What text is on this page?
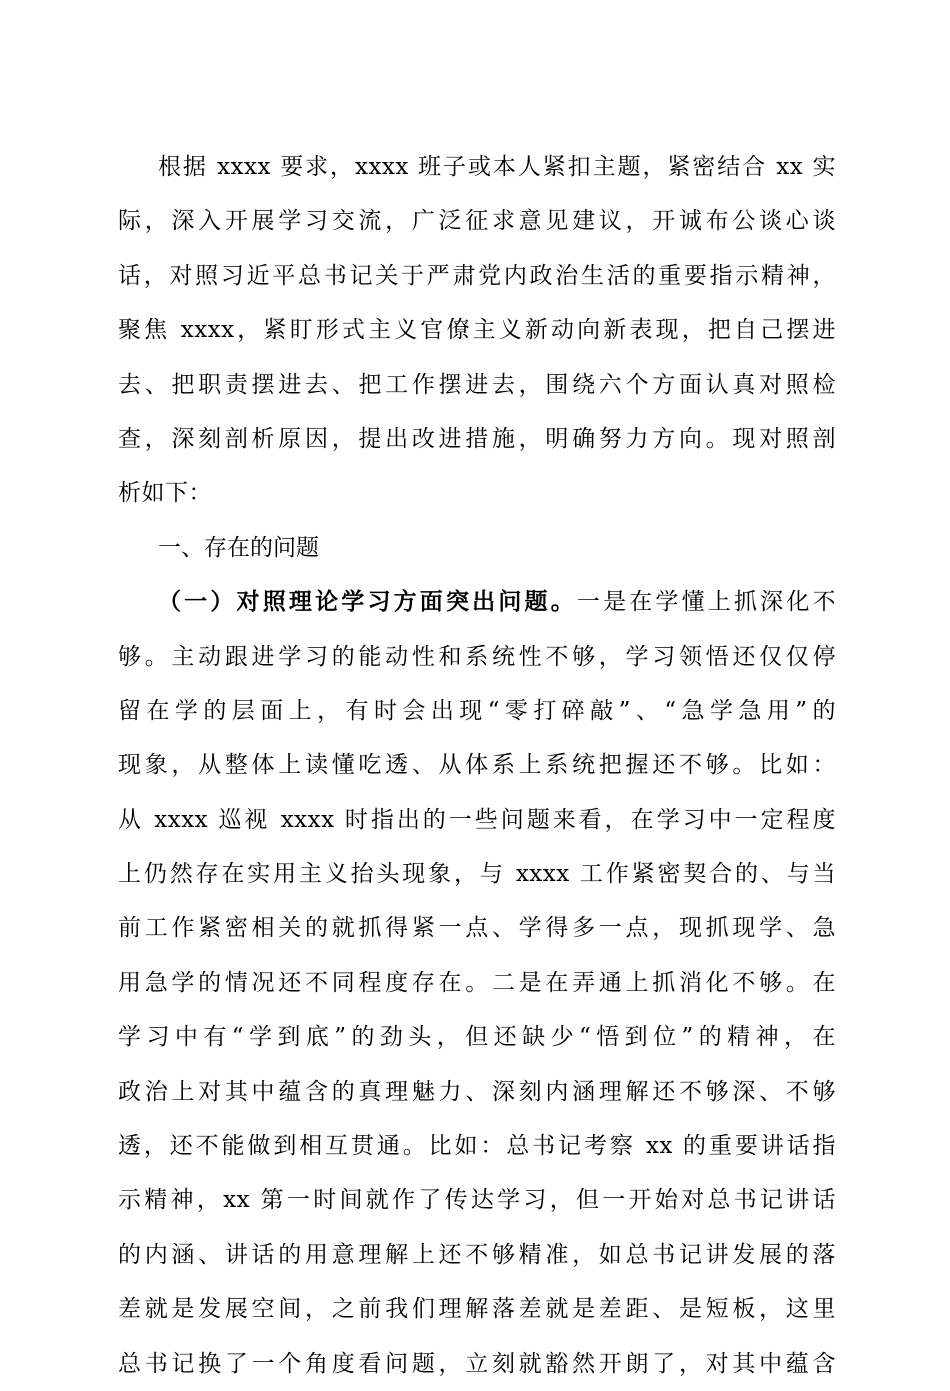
根据 xxxx 要求，xxxx 班子或本人紧扣主题，紧密结合 xx 实
际，深入开展学习交流，广泛征求意见建议，开诚布公谈心谈
话，对照习近平总书记关于严肃党内政治生活的重要指示精神，
聚焦 xxxx，紧盯形式主义官僚主义新动向新表现，把自己摆进
去、把职责摆进去、把工作摆进去，围绕六个方面认真对照检
查，深刻剖析原因，提出改进措施，明确努力方向。现对照剖
析如下：
一、存在的问题
（一）对照理论学习方面突出问题。一是在学懂上抓深化不
够。主动跟进学习的能动性和系统性不够，学习领悟还仅仅停
留在学的层面上，有时会出现“零打碎敲”、“急学急用”的
现象，从整体上读懂吃透、从体系上系统把握还不够。比如：
从 xxxx 巡视 xxxx 时指出的一些问题来看，在学习中一定程度
上仍然存在实用主义抬头现象，与 xxxx 工作紧密契合的、与当
前工作紧密相关的就抓得紧一点、学得多一点，现抓现学、急
用急学的情况还不同程度存在。二是在弄通上抓消化不够。在
学习中有“学到底”的劲头，但还缺少“悟到位”的精神，在
政治上对其中蕴含的真理魅力、深刻内涵理解还不够深、不够
透，还不能做到相互贯通。比如：总书记考察 xx 的重要讲话指
示精神，xx 第一时间就作了传达学习，但一开始对总书记讲话
的内涵、讲话的用意理解上还不够精准，如总书记讲发展的落
差就是发展空间，之前我们理解落差就是差距、是短板，这里
总书记换了一个角度看问题，立刻就豁然开朗了，对其中蕴含
